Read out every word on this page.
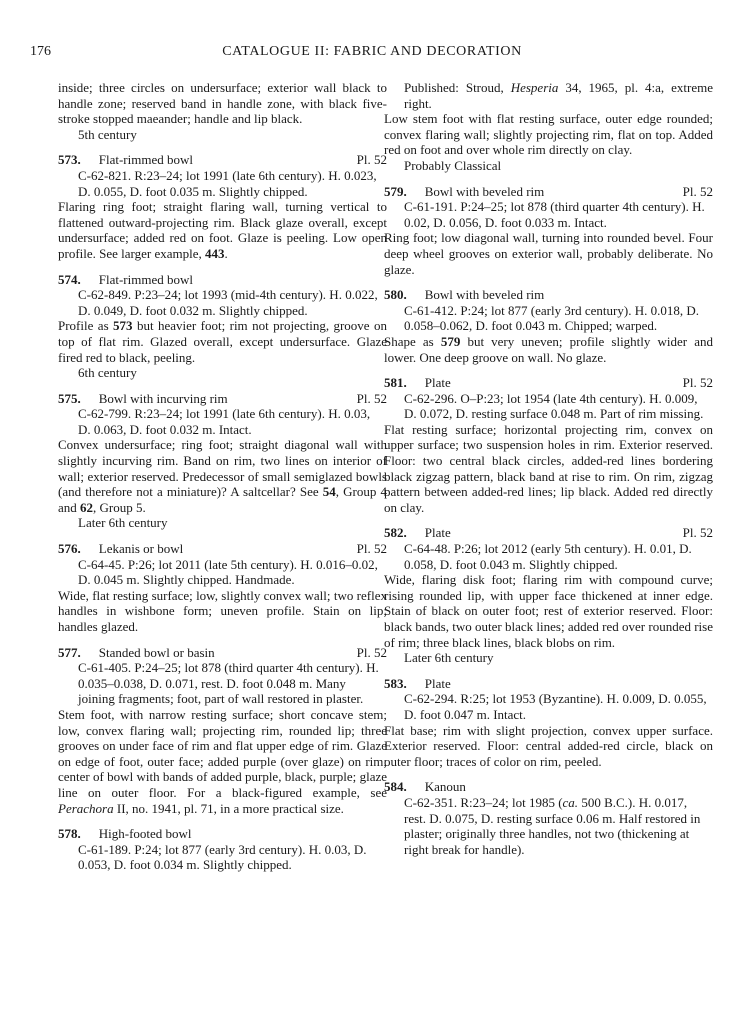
176	CATALOGUE II: FABRIC AND DECORATION

inside; three circles on undersurface; exterior wall black to handle zone; reserved band in handle zone, with black five-stroke stopped maeander; handle and lip black.

5th century

573. Flat-rimmed bowl	Pl. 52

C-62-821. R:23–24; lot 1991 (late 6th century). H. 0.023, D. 0.055, D. foot 0.035 m. Slightly chipped.

Flaring ring foot; straight flaring wall, turning vertical to flattened outward-projecting rim. Black glaze overall, except undersurface; added red on foot. Glaze is peeling. Low open profile. See larger example, 443.

574. Flat-rimmed bowl

C-62-849. P:23–24; lot 1993 (mid-4th century). H. 0.022, D. 0.049, D. foot 0.032 m. Slightly chipped.

Profile as 573 but heavier foot; rim not projecting, groove on top of flat rim. Glazed overall, except undersurface. Glaze fired red to black, peeling.

6th century

575. Bowl with incurving rim	Pl. 52

C-62-799. R:23–24; lot 1991 (late 6th century). H. 0.03, D. 0.063, D. foot 0.032 m. Intact.

Convex undersurface; ring foot; straight diagonal wall with slightly incurving rim. Band on rim, two lines on interior of wall; exterior reserved. Predecessor of small semiglazed bowls (and therefore not a miniature)? A saltcellar? See 54, Group 4 and 62, Group 5.

Later 6th century

576. Lekanis or bowl	Pl. 52

C-64-45. P:26; lot 2011 (late 5th century). H. 0.016–0.02, D. 0.045 m. Slightly chipped. Handmade.

Wide, flat resting surface; low, slightly convex wall; two reflex handles in wishbone form; uneven profile. Stain on lip; handles glazed.

577. Standed bowl or basin	Pl. 52

C-61-405. P:24–25; lot 878 (third quarter 4th century). H. 0.035–0.038, D. 0.071, rest. D. foot 0.048 m. Many joining fragments; foot, part of wall restored in plaster.

Stem foot, with narrow resting surface; short concave stem; low, convex flaring wall; projecting rim, rounded lip; three grooves on under face of rim and flat upper edge of rim. Glaze on edge of foot, outer face; added purple (over glaze) on rim; center of bowl with bands of added purple, black, purple; glaze line on outer floor. For a black-figured example, see Perachora II, no. 1941, pl. 71, in a more practical size.

578. High-footed bowl

C-61-189. P:24; lot 877 (early 3rd century). H. 0.03, D. 0.053, D. foot 0.034 m. Slightly chipped.

Published: Stroud, Hesperia 34, 1965, pl. 4:a, extreme right.

Low stem foot with flat resting surface, outer edge rounded; convex flaring wall; slightly projecting rim, flat on top. Added red on foot and over whole rim directly on clay.

Probably Classical

579. Bowl with beveled rim	Pl. 52

C-61-191. P:24–25; lot 878 (third quarter 4th century). H. 0.02, D. 0.056, D. foot 0.033 m. Intact.

Ring foot; low diagonal wall, turning into rounded bevel. Four deep wheel grooves on exterior wall, probably deliberate. No glaze.

580. Bowl with beveled rim

C-61-412. P:24; lot 877 (early 3rd century). H. 0.018, D. 0.058–0.062, D. foot 0.043 m. Chipped; warped.

Shape as 579 but very uneven; profile slightly wider and lower. One deep groove on wall. No glaze.

581. Plate	Pl. 52

C-62-296. O–P:23; lot 1954 (late 4th century). H. 0.009, D. 0.072, D. resting surface 0.048 m. Part of rim missing.

Flat resting surface; horizontal projecting rim, convex on upper surface; two suspension holes in rim. Exterior reserved. Floor: two central black circles, added-red lines bordering black zigzag pattern, black band at rise to rim. On rim, zigzag pattern between added-red lines; lip black. Added red directly on clay.

582. Plate	Pl. 52

C-64-48. P:26; lot 2012 (early 5th century). H. 0.01, D. 0.058, D. foot 0.043 m. Slightly chipped.

Wide, flaring disk foot; flaring rim with compound curve; rising rounded lip, with upper face thickened at inner edge. Stain of black on outer foot; rest of exterior reserved. Floor: black bands, two outer black lines; added red over rounded rise of rim; three black lines, black blobs on rim.

Later 6th century

583. Plate

C-62-294. R:25; lot 1953 (Byzantine). H. 0.009, D. 0.055, D. foot 0.047 m. Intact.

Flat base; rim with slight projection, convex upper surface. Exterior reserved. Floor: central added-red circle, black on outer floor; traces of color on rim, peeled.

584. Kanoun

C-62-351. R:23–24; lot 1985 (ca. 500 B.C.). H. 0.017, rest. D. 0.075, D. resting surface 0.06 m. Half restored in plaster; originally three handles, not two (thickening at right break for handle).
